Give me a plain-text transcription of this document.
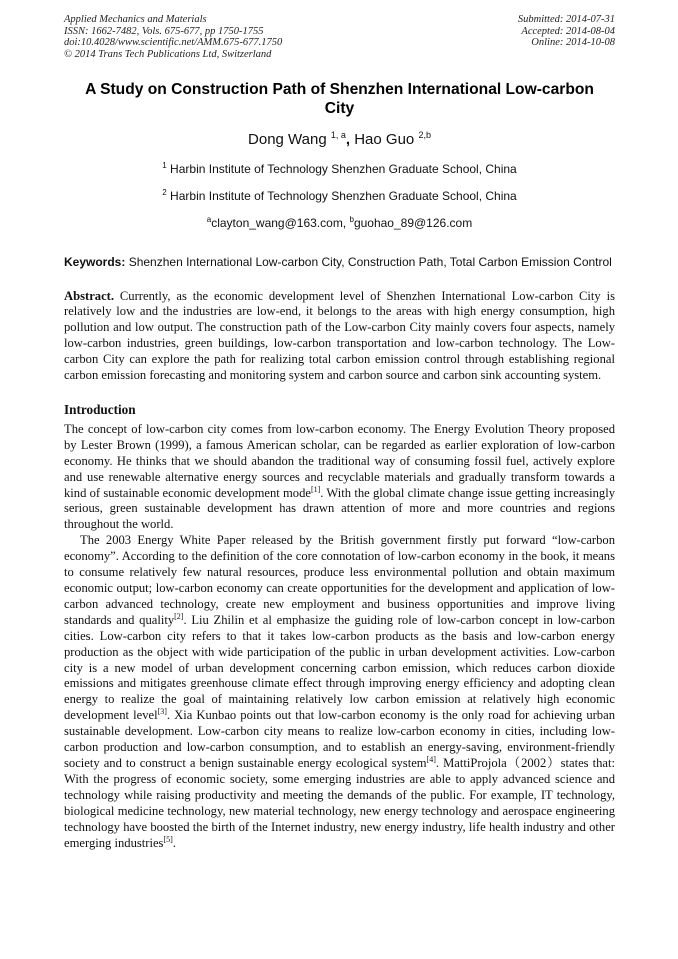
Applied Mechanics and Materials
ISSN: 1662-7482, Vols. 675-677, pp 1750-1755
doi:10.4028/www.scientific.net/AMM.675-677.1750
© 2014 Trans Tech Publications Ltd, Switzerland
Submitted: 2014-07-31
Accepted: 2014-08-04
Online: 2014-10-08
A Study on Construction Path of Shenzhen International Low-carbon City
Dong Wang $^{1, a}$, Hao Guo $^{2,b}$
$^1$ Harbin Institute of Technology Shenzhen Graduate School, China
$^2$ Harbin Institute of Technology Shenzhen Graduate School, China
$^a$clayton_wang@163.com, $^b$guohao_89@126.com
Keywords: Shenzhen International Low-carbon City, Construction Path, Total Carbon Emission Control
Abstract. Currently, as the economic development level of Shenzhen International Low-carbon City is relatively low and the industries are low-end, it belongs to the areas with high energy consumption, high pollution and low output. The construction path of the Low-carbon City mainly covers four aspects, namely low-carbon industries, green buildings, low-carbon transportation and low-carbon technology. The Low-carbon City can explore the path for realizing total carbon emission control through establishing regional carbon emission forecasting and monitoring system and carbon source and carbon sink accounting system.
Introduction
The concept of low-carbon city comes from low-carbon economy. The Energy Evolution Theory proposed by Lester Brown (1999), a famous American scholar, can be regarded as earlier exploration of low-carbon economy. He thinks that we should abandon the traditional way of consuming fossil fuel, actively explore and use renewable alternative energy sources and recyclable materials and gradually transform towards a kind of sustainable economic development mode[1]. With the global climate change issue getting increasingly serious, green sustainable development has drawn attention of more and more countries and regions throughout the world.
The 2003 Energy White Paper released by the British government firstly put forward “low-carbon economy”. According to the definition of the core connotation of low-carbon economy in the book, it means to consume relatively few natural resources, produce less environmental pollution and obtain maximum economic output; low-carbon economy can create opportunities for the development and application of low-carbon advanced technology, create new employment and business opportunities and improve living standards and quality[2]. Liu Zhilin et al emphasize the guiding role of low-carbon concept in low-carbon cities. Low-carbon city refers to that it takes low-carbon products as the basis and low-carbon energy production as the object with wide participation of the public in urban development activities. Low-carbon city is a new model of urban development concerning carbon emission, which reduces carbon dioxide emissions and mitigates greenhouse climate effect through improving energy efficiency and adopting clean energy to realize the goal of maintaining relatively low carbon emission at relatively high economic development level[3]. Xia Kunbao points out that low-carbon economy is the only road for achieving urban sustainable development. Low-carbon city means to realize low-carbon economy in cities, including low-carbon production and low-carbon consumption, and to establish an energy-saving, environment-friendly society and to construct a benign sustainable energy ecological system[4]. MattiProjola（2002）states that: With the progress of economic society, some emerging industries are able to apply advanced science and technology while raising productivity and meeting the demands of the public. For example, IT technology, biological medicine technology, new material technology, new energy technology and aerospace engineering technology have boosted the birth of the Internet industry, new energy industry, life health industry and other emerging industries[5].
